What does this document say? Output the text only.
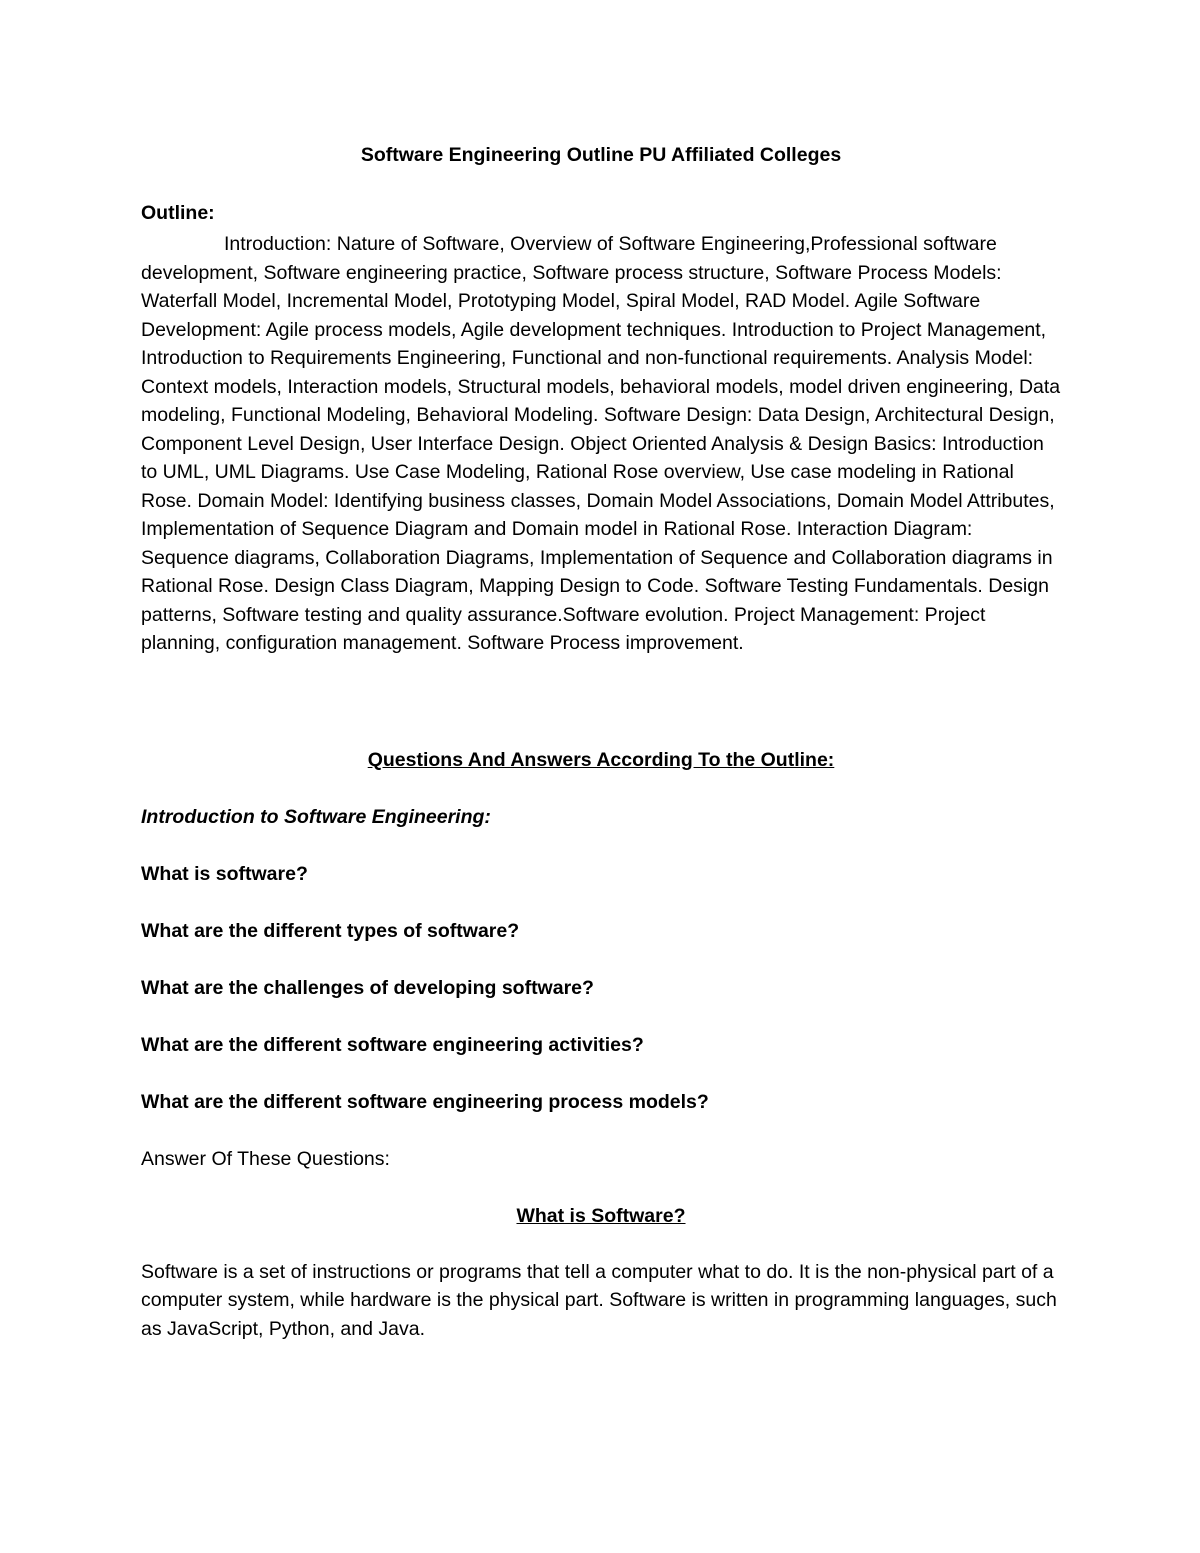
Software Engineering Outline PU Affiliated Colleges

Outline:

Introduction: Nature of Software, Overview of Software Engineering,Professional software development, Software engineering practice, Software process structure, Software Process Models: Waterfall Model, Incremental Model, Prototyping Model, Spiral Model, RAD Model. Agile Software Development: Agile process models, Agile development techniques. Introduction to Project Management, Introduction to Requirements Engineering, Functional and non-functional requirements. Analysis Model: Context models, Interaction models, Structural models, behavioral models, model driven engineering, Data modeling, Functional Modeling, Behavioral Modeling. Software Design: Data Design, Architectural Design, Component Level Design, User Interface Design. Object Oriented Analysis & Design Basics: Introduction to UML, UML Diagrams. Use Case Modeling, Rational Rose overview, Use case modeling in Rational Rose. Domain Model: Identifying business classes, Domain Model Associations, Domain Model Attributes, Implementation of Sequence Diagram and Domain model in Rational Rose. Interaction Diagram: Sequence diagrams, Collaboration Diagrams, Implementation of Sequence and Collaboration diagrams in Rational Rose. Design Class Diagram, Mapping Design to Code. Software Testing Fundamentals. Design patterns, Software testing and quality assurance.Software evolution. Project Management: Project planning, configuration management. Software Process improvement.

Questions And Answers According To the Outline:

Introduction to Software Engineering:

What is software?

What are the different types of software?

What are the challenges of developing software?

What are the different software engineering activities?

What are the different software engineering process models?

Answer Of These Questions:

What is Software?

Software is a set of instructions or programs that tell a computer what to do. It is the non-physical part of a computer system, while hardware is the physical part. Software is written in programming languages, such as JavaScript, Python, and Java.
